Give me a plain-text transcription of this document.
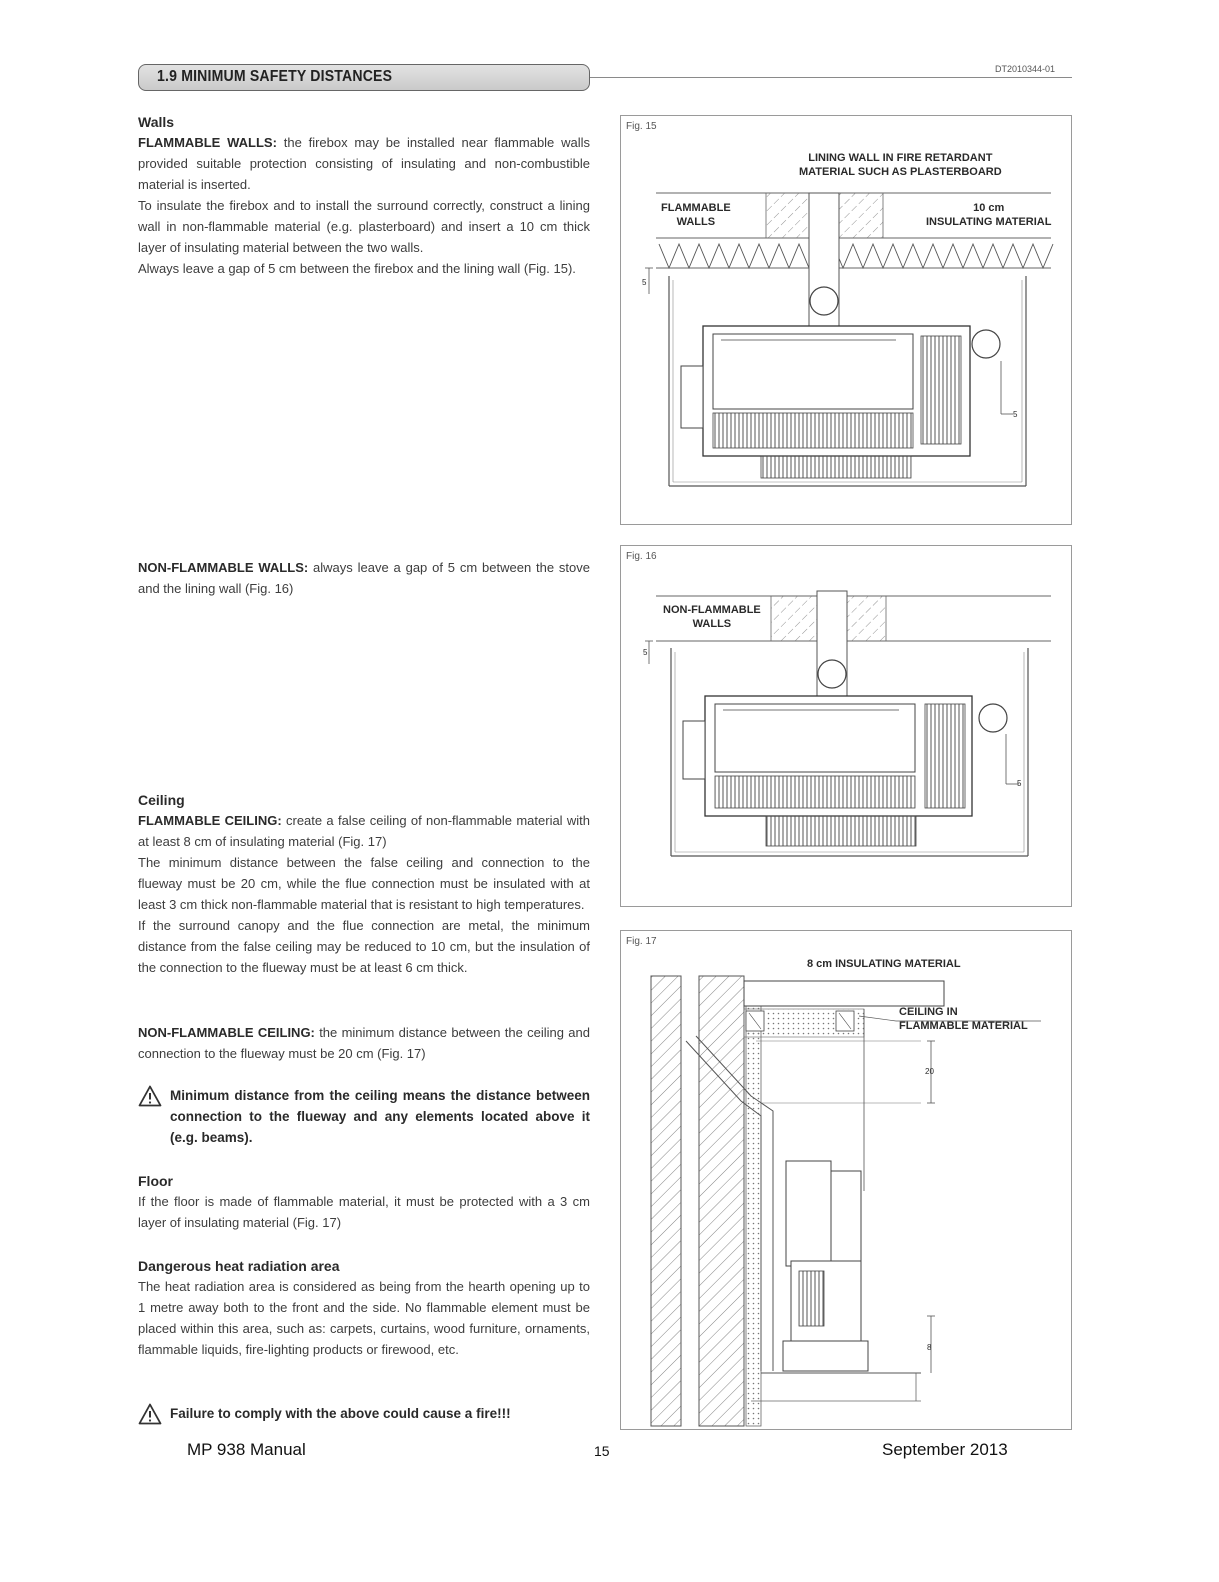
1.9 MINIMUM SAFETY DISTANCES	DT2010344-01
Walls

FLAMMABLE WALLS: the firebox may be installed near flammable walls provided suitable protection consisting of insulating and non-combustible material is inserted.

To insulate the firebox and to install the surround correctly, construct a lining wall in non-flammable material (e.g. plasterboard) and insert a 10 cm thick layer of insulating material between the two walls.

Always leave a gap of 5 cm between the firebox and the lining wall (Fig. 15).

NON-FLAMMABLE WALLS: always leave a gap of 5 cm between the stove and the lining wall (Fig. 16)

Ceiling

FLAMMABLE CEILING: create a false ceiling of non-flammable material with at least 8 cm of insulating material (Fig. 17)

The minimum distance between the false ceiling and connection to the flueway must be 20 cm, while the flue connection must be insulated with at least 3 cm thick non-flammable material that is resistant to high temperatures.

If the surround canopy and the flue connection are metal, the minimum distance from the false ceiling may be reduced to 10 cm, but the insulation of the connection to the flueway must be at least 6 cm thick.

NON-FLAMMABLE CEILING: the minimum distance between the ceiling and connection to the flueway must be 20 cm (Fig. 17)

Minimum distance from the ceiling means the distance between connection to the flueway and any elements located above it (e.g. beams).
Floor

If the floor is made of flammable material, it must be protected with a 3 cm layer of insulating material (Fig. 17)

Dangerous heat radiation area

The heat radiation area is considered as being from the hearth opening up to 1 metre away both to the front and the side. No flammable element must be placed within this area, such as: carpets, curtains, wood furniture, ornaments, flammable liquids, fire-lighting products or firewood, etc.

Failure to comply with the above could cause a fire!!!
Fig. 15
LINING WALL IN FIRE RETARDANT
MATERIAL SUCH AS PLASTERBOARD
FLAMMABLE
WALLS
10 cm
INSULATING MATERIAL
5
5
Fig. 16
NON-FLAMMABLE
WALLS
5
5
Fig. 17
8 cm INSULATING MATERIAL
CEILING IN
FLAMMABLE MATERIAL
20
8
MP 938 Manual	15	September 2013
